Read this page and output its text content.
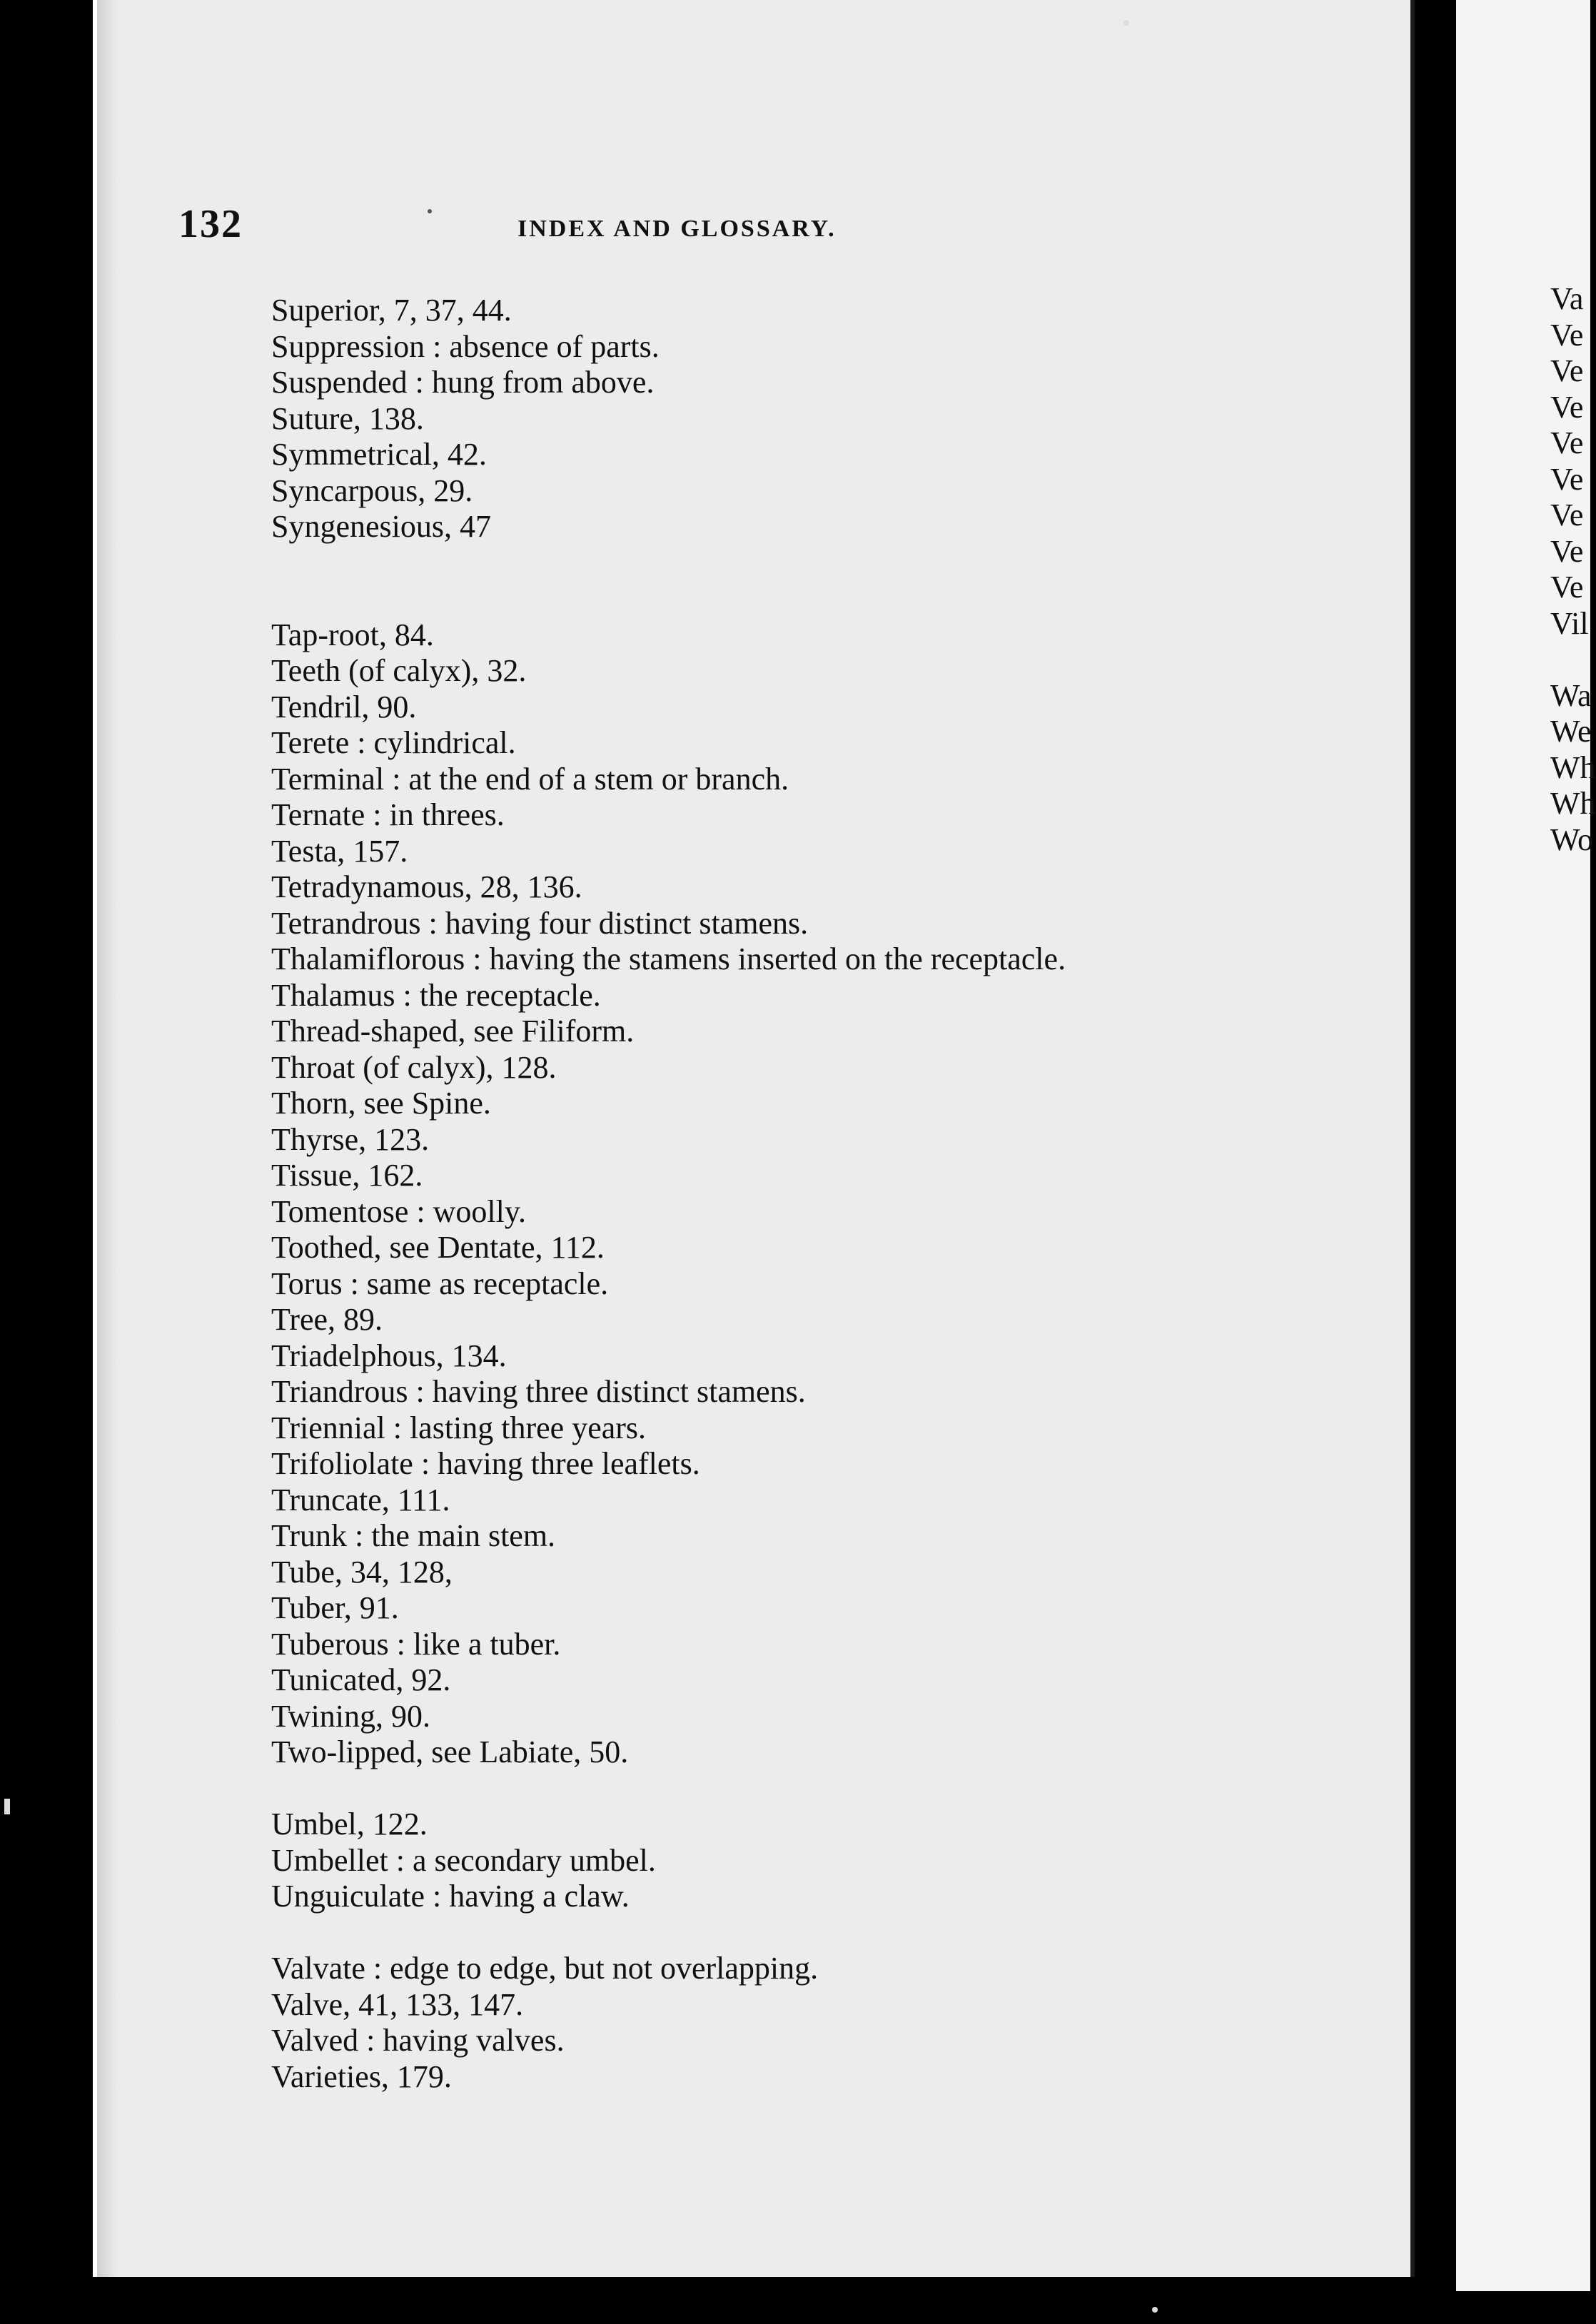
132	INDEX AND GLOSSARY.
Superior, 7, 37, 44.
Suppression : absence of parts.
Suspended : hung from above.
Suture, 138.
Symmetrical, 42.
Syncarpous, 29.
Syngenesious, 47
Tap-root, 84.
Teeth (of calyx), 32.
Tendril, 90.
Terete : cylindrical.
Terminal : at the end of a stem or branch.
Ternate : in threes.
Testa, 157.
Tetradynamous, 28, 136.
Tetrandrous : having four distinct stamens.
Thalamiflorous : having the stamens inserted on the receptacle.
Thalamus : the receptacle.
Thread-shaped, see Filiform.
Throat (of calyx), 128.
Thorn, see Spine.
Thyrse, 123.
Tissue, 162.
Tomentose : woolly.
Toothed, see Dentate, 112.
Torus : same as receptacle.
Tree, 89.
Triadelphous, 134.
Triandrous : having three distinct stamens.
Triennial : lasting three years.
Trifoliolate : having three leaflets.
Truncate, 111.
Trunk : the main stem.
Tube, 34, 128,
Tuber, 91.
Tuberous : like a tuber.
Tunicated, 92.
Twining, 90.
Two-lipped, see Labiate, 50.
Umbel, 122.
Umbellet : a secondary umbel.
Unguiculate : having a claw.
Valvate : edge to edge, but not overlapping.
Valve, 41, 133, 147.
Valved : having valves.
Varieties, 179.
Va
Ve
Ve
Ve
Ve
Ve
Ve
Ve
Ve
Vil
Wa
We
Wh
Wh
Wo
